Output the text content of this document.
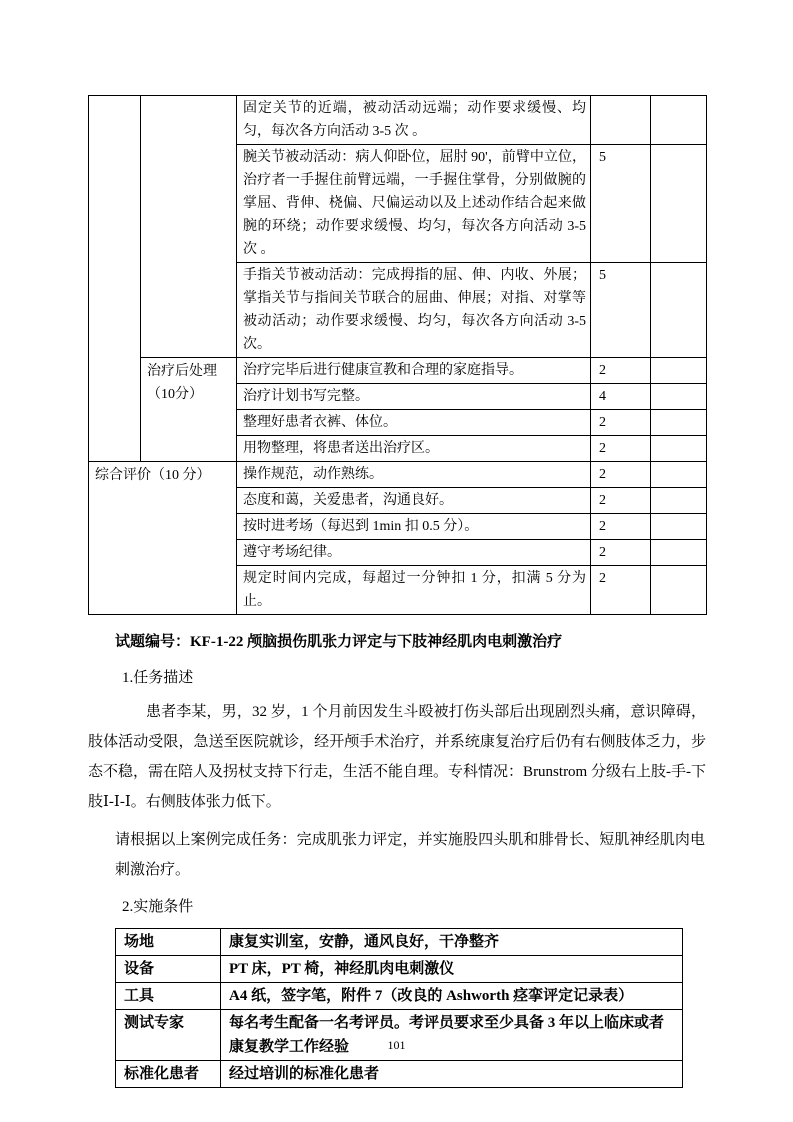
		固定关节的近端，被动活动远端；动作要求缓慢、均匀，每次各方向活动 3-5 次 。		
		腕关节被动活动：病人仰卧位，屈肘 90'，前臂中立位，治疗者一手握住前臂远端，一手握住掌骨，分别做腕的掌屈、背伸、桡偏、尺偏运动以及上述动作结合起来做腕的环绕；动作要求缓慢、均匀，每次各方向活动 3-5 次 。	5	
		手指关节被动活动：完成拇指的屈、伸、内收、外展；掌指关节与指间关节联合的屈曲、伸展；对指、对掌等被动活动；动作要求缓慢、均匀，每次各方向活动 3-5 次。	5	
	治疗后处理（10分）	治疗完毕后进行健康宣教和合理的家庭指导。	2	
		治疗计划书写完整。	4	
		整理好患者衣裤、体位。	2	
		用物整理，将患者送出治疗区。	2	
综合评价（10 分）		操作规范，动作熟练。	2	
		态度和蔼，关爱患者，沟通良好。	2	
		按时进考场（每迟到 1min 扣 0.5 分）。	2	
		遵守考场纪律。	2	
		规定时间内完成，每超过一分钟扣 1 分，扣满 5 分为止。	2	
试题编号：KF-1-22 颅脑损伤肌张力评定与下肢神经肌肉电刺激治疗
1.任务描述
患者李某，男，32 岁，1 个月前因发生斗殴被打伤头部后出现剧烈头痛，意识障碍，肢体活动受限，急送至医院就诊，经开颅手术治疗，并系统康复治疗后仍有右侧肢体乏力，步态不稳，需在陪人及拐杖支持下行走，生活不能自理。专科情况：Brunstrom 分级右上肢-手-下肢Ⅰ-Ⅰ-Ⅰ。右侧肢体张力低下。
请根据以上案例完成任务：完成肌张力评定，并实施股四头肌和腓骨长、短肌神经肌肉电刺激治疗。
2.实施条件
场地	康复实训室，安静，通风良好，干净整齐
设备	PT 床，PT 椅，神经肌肉电刺激仪
工具	A4 纸，签字笔，附件 7（改良的 Ashworth 痉挛评定记录表）
测试专家	每名考生配备一名考评员。考评员要求至少具备 3 年以上临床或者康复教学工作经验
标准化患者	经过培训的标准化患者
101
